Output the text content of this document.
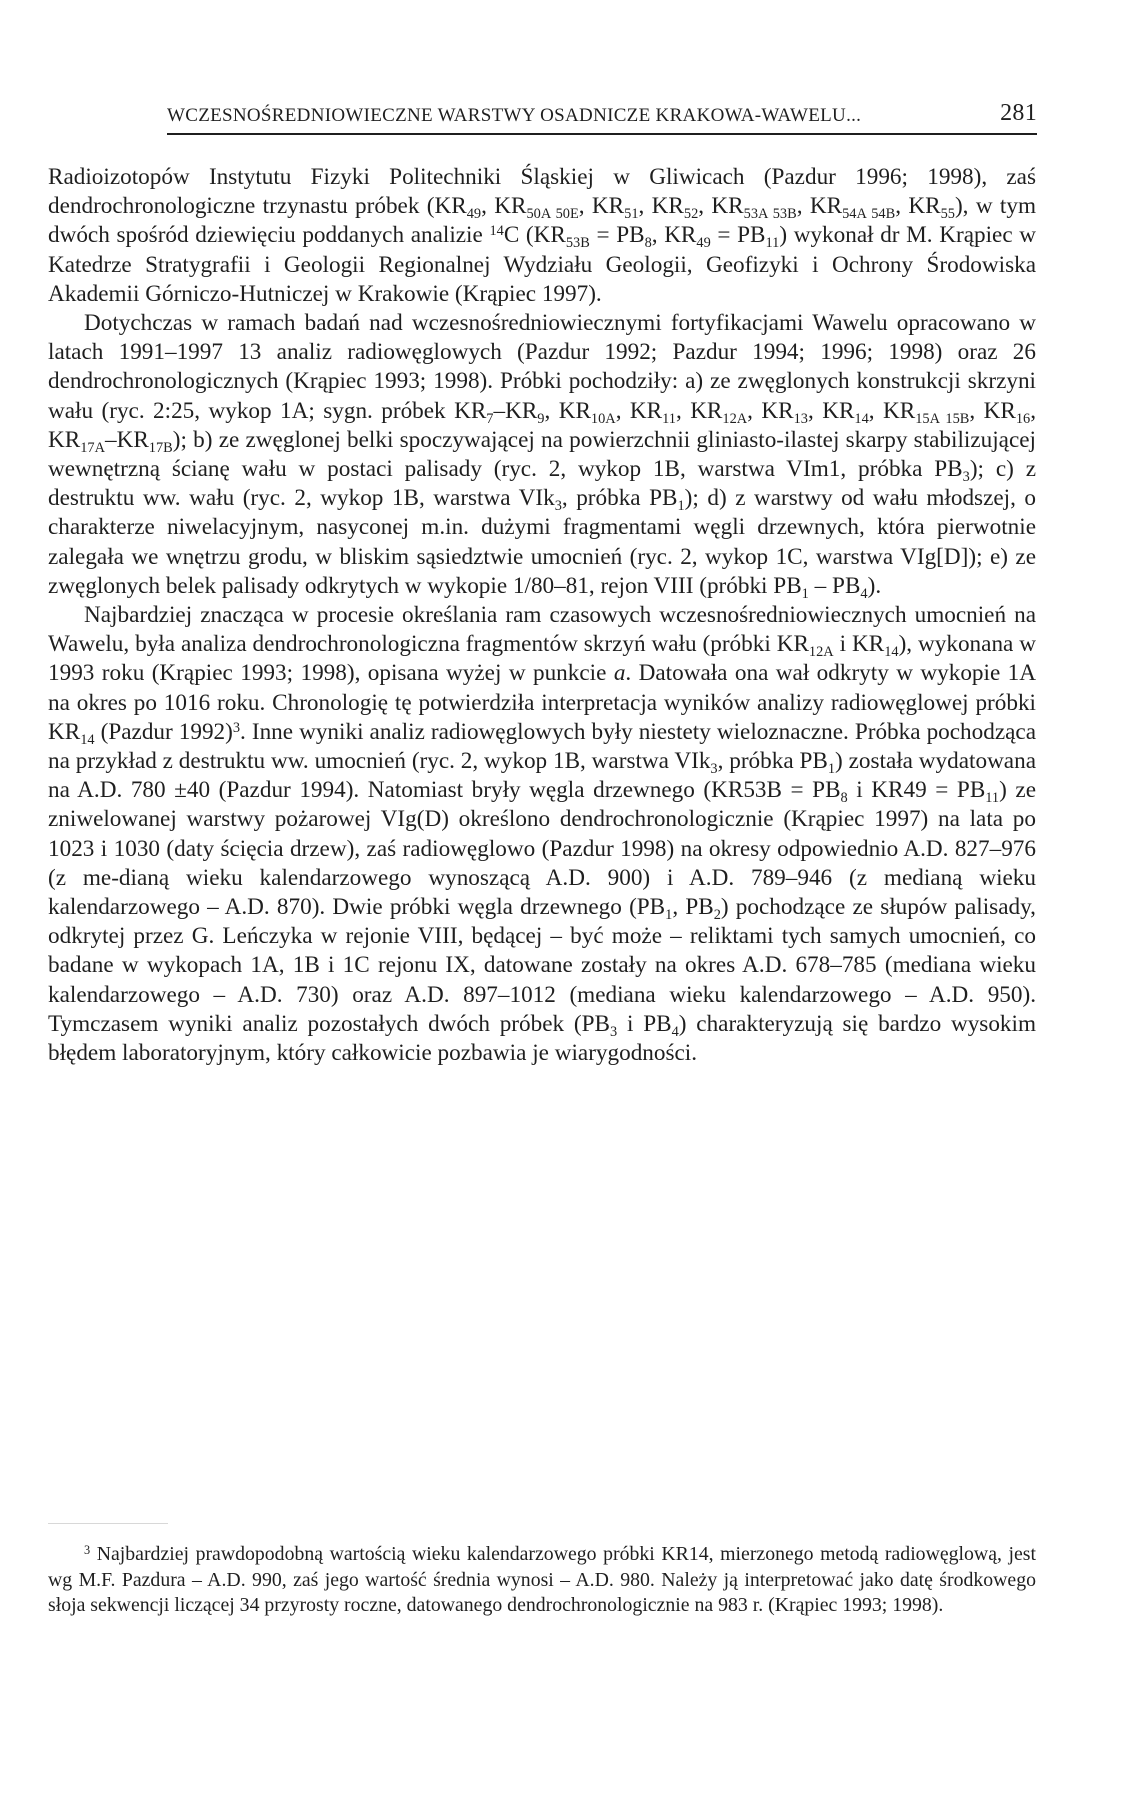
WCZESNOŚREDNIOWIECZNE WARSTWY OSADNICZE KRAKOWA-WAWELU...	281

Radioizotopów Instytutu Fizyki Politechniki Śląskiej w Gliwicach (Pazdur 1996; 1998), zaś dendrochronologiczne trzynastu próbek ($KR_{49}$, $KR_{50A 50E}$, $KR_{51}$, $KR_{52}$, $KR_{53A 53B}$, $KR_{54A 54B}$, $KR_{55}$), w tym dwóch spośród dziewięciu poddanych analizie $^{14}$C ($KR_{53B} = PB_8$, $KR_{49} = PB_{11}$) wykonał dr M. Krąpiec w Katedrze Stratygrafii i Geologii Regionalnej Wydziału Geologii, Geofizyki i Ochrony Środowiska Akademii Górniczo-Hutniczej w Krakowie (Krąpiec 1997).

Dotychczas w ramach badań nad wczesnośredniowiecznymi fortyfikacjami Wawelu opracowano w latach 1991–1997 13 analiz radiowęglowych (Pazdur 1992; Pazdur 1994; 1996; 1998) oraz 26 dendrochronologicznych (Krąpiec 1993; 1998). Próbki pochodziły: a) ze zwęglonych konstrukcji skrzyni wału (ryc. 2:25, wykop 1A; sygn. próbek $KR_7-KR_9$, $KR_{10A}$, $KR_{11}$, $KR_{12A}$, $KR_{13}$, $KR_{14}$, $KR_{15A 15B}$, $KR_{16}$, $KR_{17A}-KR_{17B}$); b) ze zwęglonej belki spoczywającej na powierzchnii gliniasto-ilastej skarpy stabilizującej wewnętrzną ścianę wału w postaci palisady (ryc. 2, wykop 1B, warstwa VIm1, próbka $PB_3$); c) z destruktu ww. wału (ryc. 2, wykop 1B, warstwa VIk$_3$, próbka $PB_1$); d) z warstwy od wału młodszej, o charakterze niwelacyjnym, nasyconej m.in. dużymi fragmentami węgli drzewnych, która pierwotnie zalegała we wnętrzu grodu, w bliskim sąsiedztwie umocnień (ryc. 2, wykop 1C, warstwa VIg[D]); e) ze zwęglonych belek palisady odkrytych w wykopie 1/80–81, rejon VIII (próbki $PB_1 - PB_4$).

Najbardziej znacząca w procesie określania ram czasowych wczesnośredniowiecznych umocnień na Wawelu, była analiza dendrochronologiczna fragmentów skrzyń wału (próbki $KR_{12A}$ i $KR_{14}$), wykonana w 1993 roku (Krąpiec 1993; 1998), opisana wyżej w punkcie a. Datowała ona wał odkryty w wykopie 1A na okres po 1016 roku. Chronologię tę potwierdziła interpretacja wyników analizy radiowęglowej próbki $KR_{14}$ (Pazdur 1992)$^3$. Inne wyniki analiz radiowęglowych były niestety wieloznaczne. Próbka pochodząca na przykład z destruktu ww. umocnień (ryc. 2, wykop 1B, warstwa VIk$_3$, próbka $PB_1$) została wydatowana na A.D. 780 ±40 (Pazdur 1994). Natomiast bryły węgla drzewnego ($KR53B = PB_8$ i $KR49 = PB_{11}$) ze zniwelowanej warstwy pożarowej VIg(D) określono dendrochronologicznie (Krąpiec 1997) na lata po 1023 i 1030 (daty ścięcia drzew), zaś radiowęglowo (Pazdur 1998) na okresy odpowiednio A.D. 827–976 (z me-dianą wieku kalendarzowego wynoszącą A.D. 900) i A.D. 789–946 (z medianą wieku kalendarzowego – A.D. 870). Dwie próbki węgla drzewnego ($PB_1$, $PB_2$) pochodzące ze słupów palisady, odkrytej przez G. Leńczyka w rejonie VIII, będącej – być może – reliktami tych samych umocnień, co badane w wykopach 1A, 1B i 1C rejonu IX, datowane zostały na okres A.D. 678–785 (mediana wieku kalendarzowego – A.D. 730) oraz A.D. 897–1012 (mediana wieku kalendarzowego – A.D. 950). Tymczasem wyniki analiz pozostałych dwóch próbek ($PB_3$ i $PB_4$) charakteryzują się bardzo wysokim błędem laboratoryjnym, który całkowicie pozbawia je wiarygodności.

$^3$ Najbardziej prawdopodobną wartością wieku kalendarzowego próbki KR14, mierzonego metodą radiowęglową, jest wg M.F. Pazdura – A.D. 990, zaś jego wartość średnia wynosi – A.D. 980. Należy ją interpretować jako datę środkowego słoja sekwencji liczącej 34 przyrosty roczne, datowanego dendrochronologicznie na 983 r. (Krąpiec 1993; 1998).
